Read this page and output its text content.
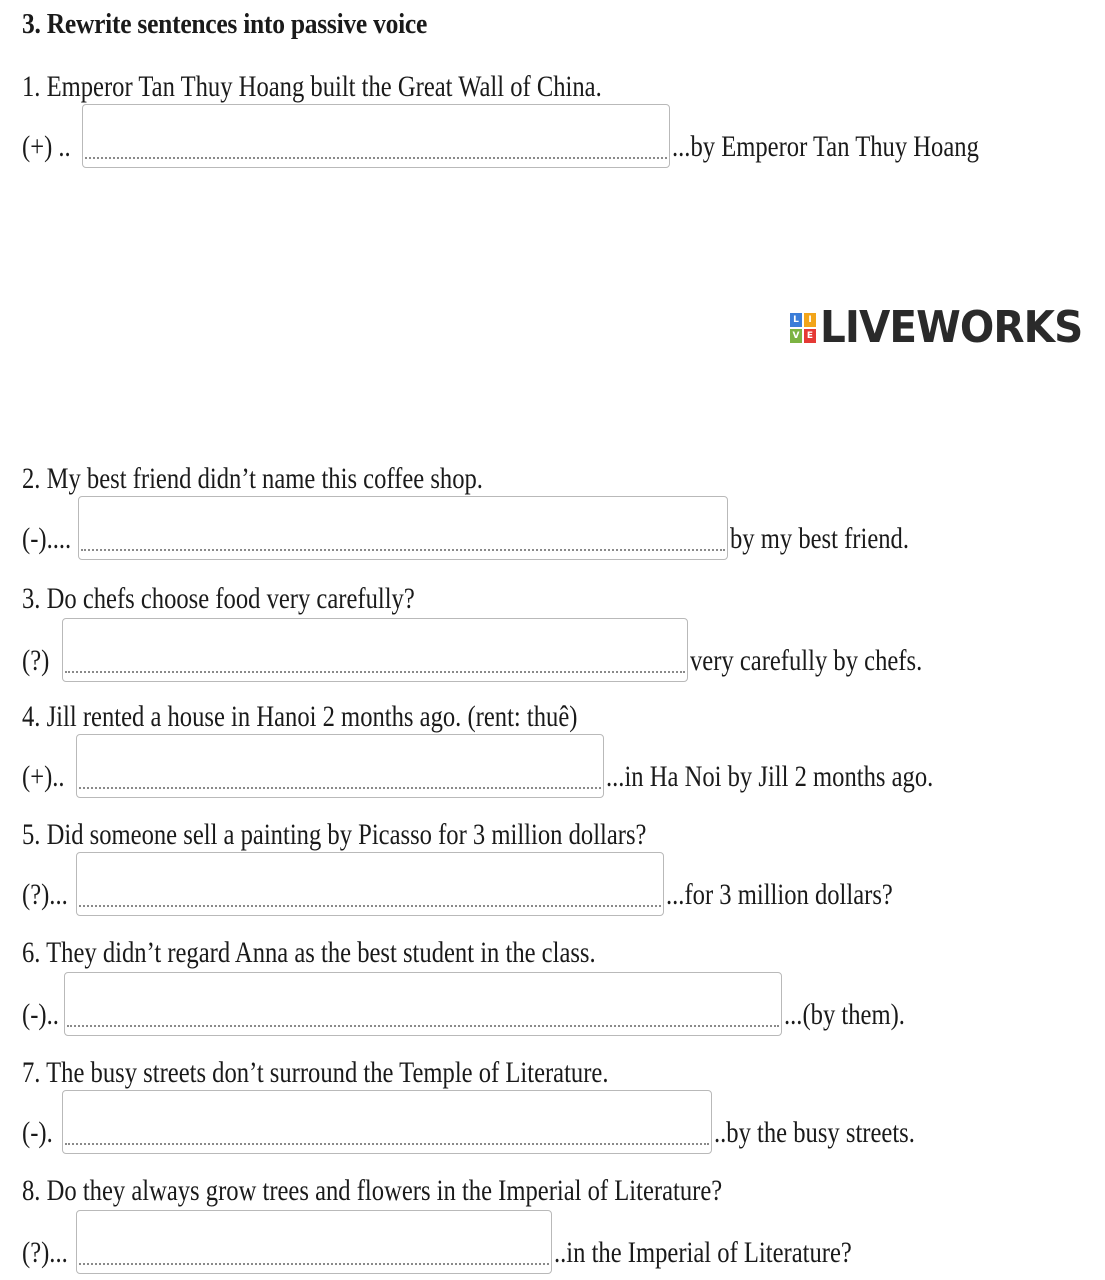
3. Rewrite sentences into passive voice
1. Emperor Tan Thuy Hoang built the Great Wall of China.
(+) ..	...by Emperor Tan Thuy Hoang
L	I
V E LIVEWORKS
2. My best friend didn’t name this coffee shop.
(-)....	by my best friend.
3. Do chefs choose food very carefully?
(?)	very carefully by chefs.
4. Jill rented a house in Hanoi 2 months ago. (rent: thuê)
(+)..	...in Ha Noi by Jill 2 months ago.
5. Did someone sell a painting by Picasso for 3 million dollars?
(?)...	...for 3 million dollars?
6. They didn’t regard Anna as the best student in the class.
(-)..	...(by them).
7. The busy streets don’t surround the Temple of Literature.
(-).	..by the busy streets.
8. Do they always grow trees and flowers in the Imperial of Literature?
(?)...	..in the Imperial of Literature?
